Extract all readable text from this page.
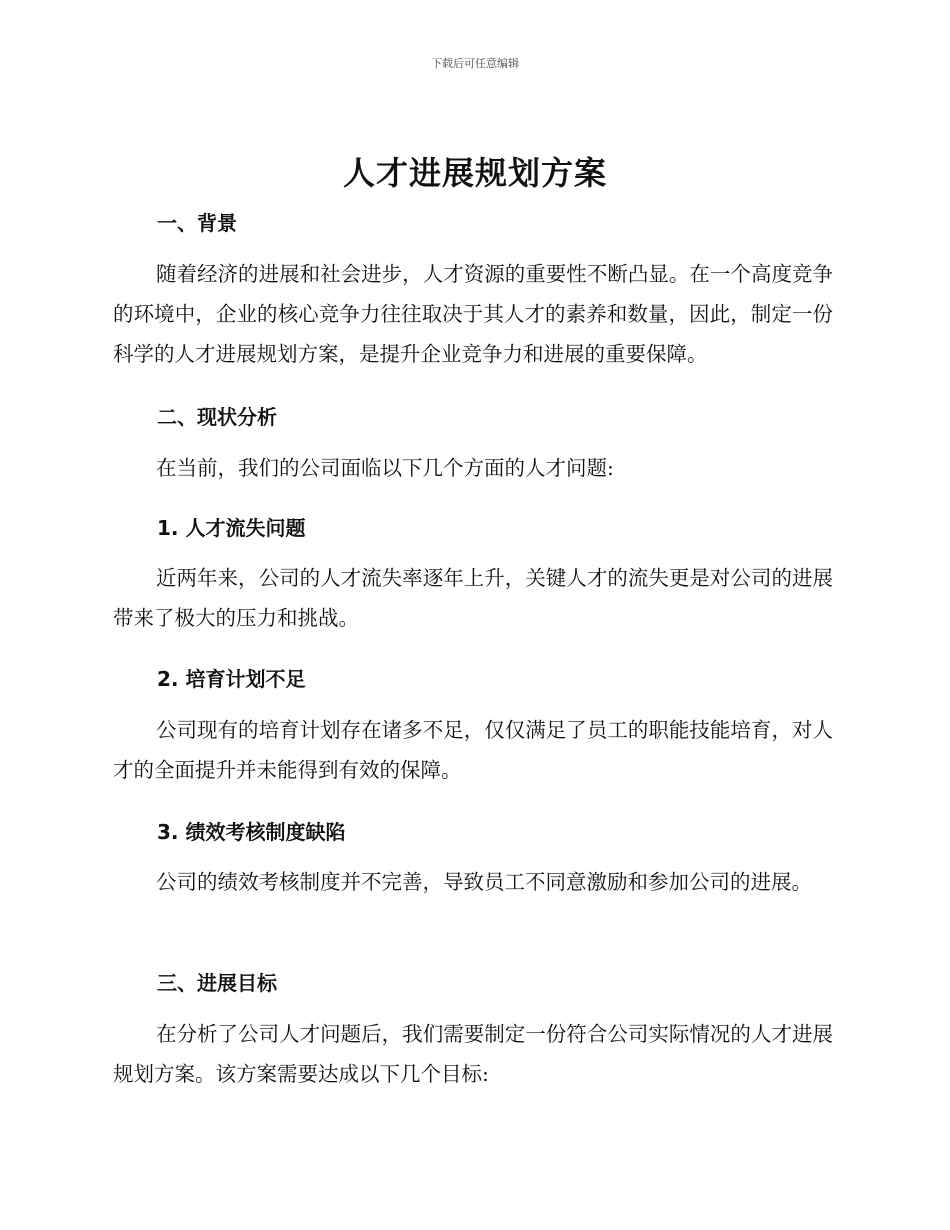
下载后可任意编辑
人才进展规划方案
一、背景
随着经济的进展和社会进步，人才资源的重要性不断凸显。在一个高度竞争的环境中，企业的核心竞争力往往取决于其人才的素养和数量，因此，制定一份科学的人才进展规划方案，是提升企业竞争力和进展的重要保障。
二、现状分析
在当前，我们的公司面临以下几个方面的人才问题:
1. 人才流失问题
近两年来，公司的人才流失率逐年上升，关键人才的流失更是对公司的进展带来了极大的压力和挑战。
2. 培育计划不足
公司现有的培育计划存在诸多不足，仅仅满足了员工的职能技能培育，对人才的全面提升并未能得到有效的保障。
3. 绩效考核制度缺陷
公司的绩效考核制度并不完善，导致员工不同意激励和参加公司的进展。
三、进展目标
在分析了公司人才问题后，我们需要制定一份符合公司实际情况的人才进展规划方案。该方案需要达成以下几个目标:
